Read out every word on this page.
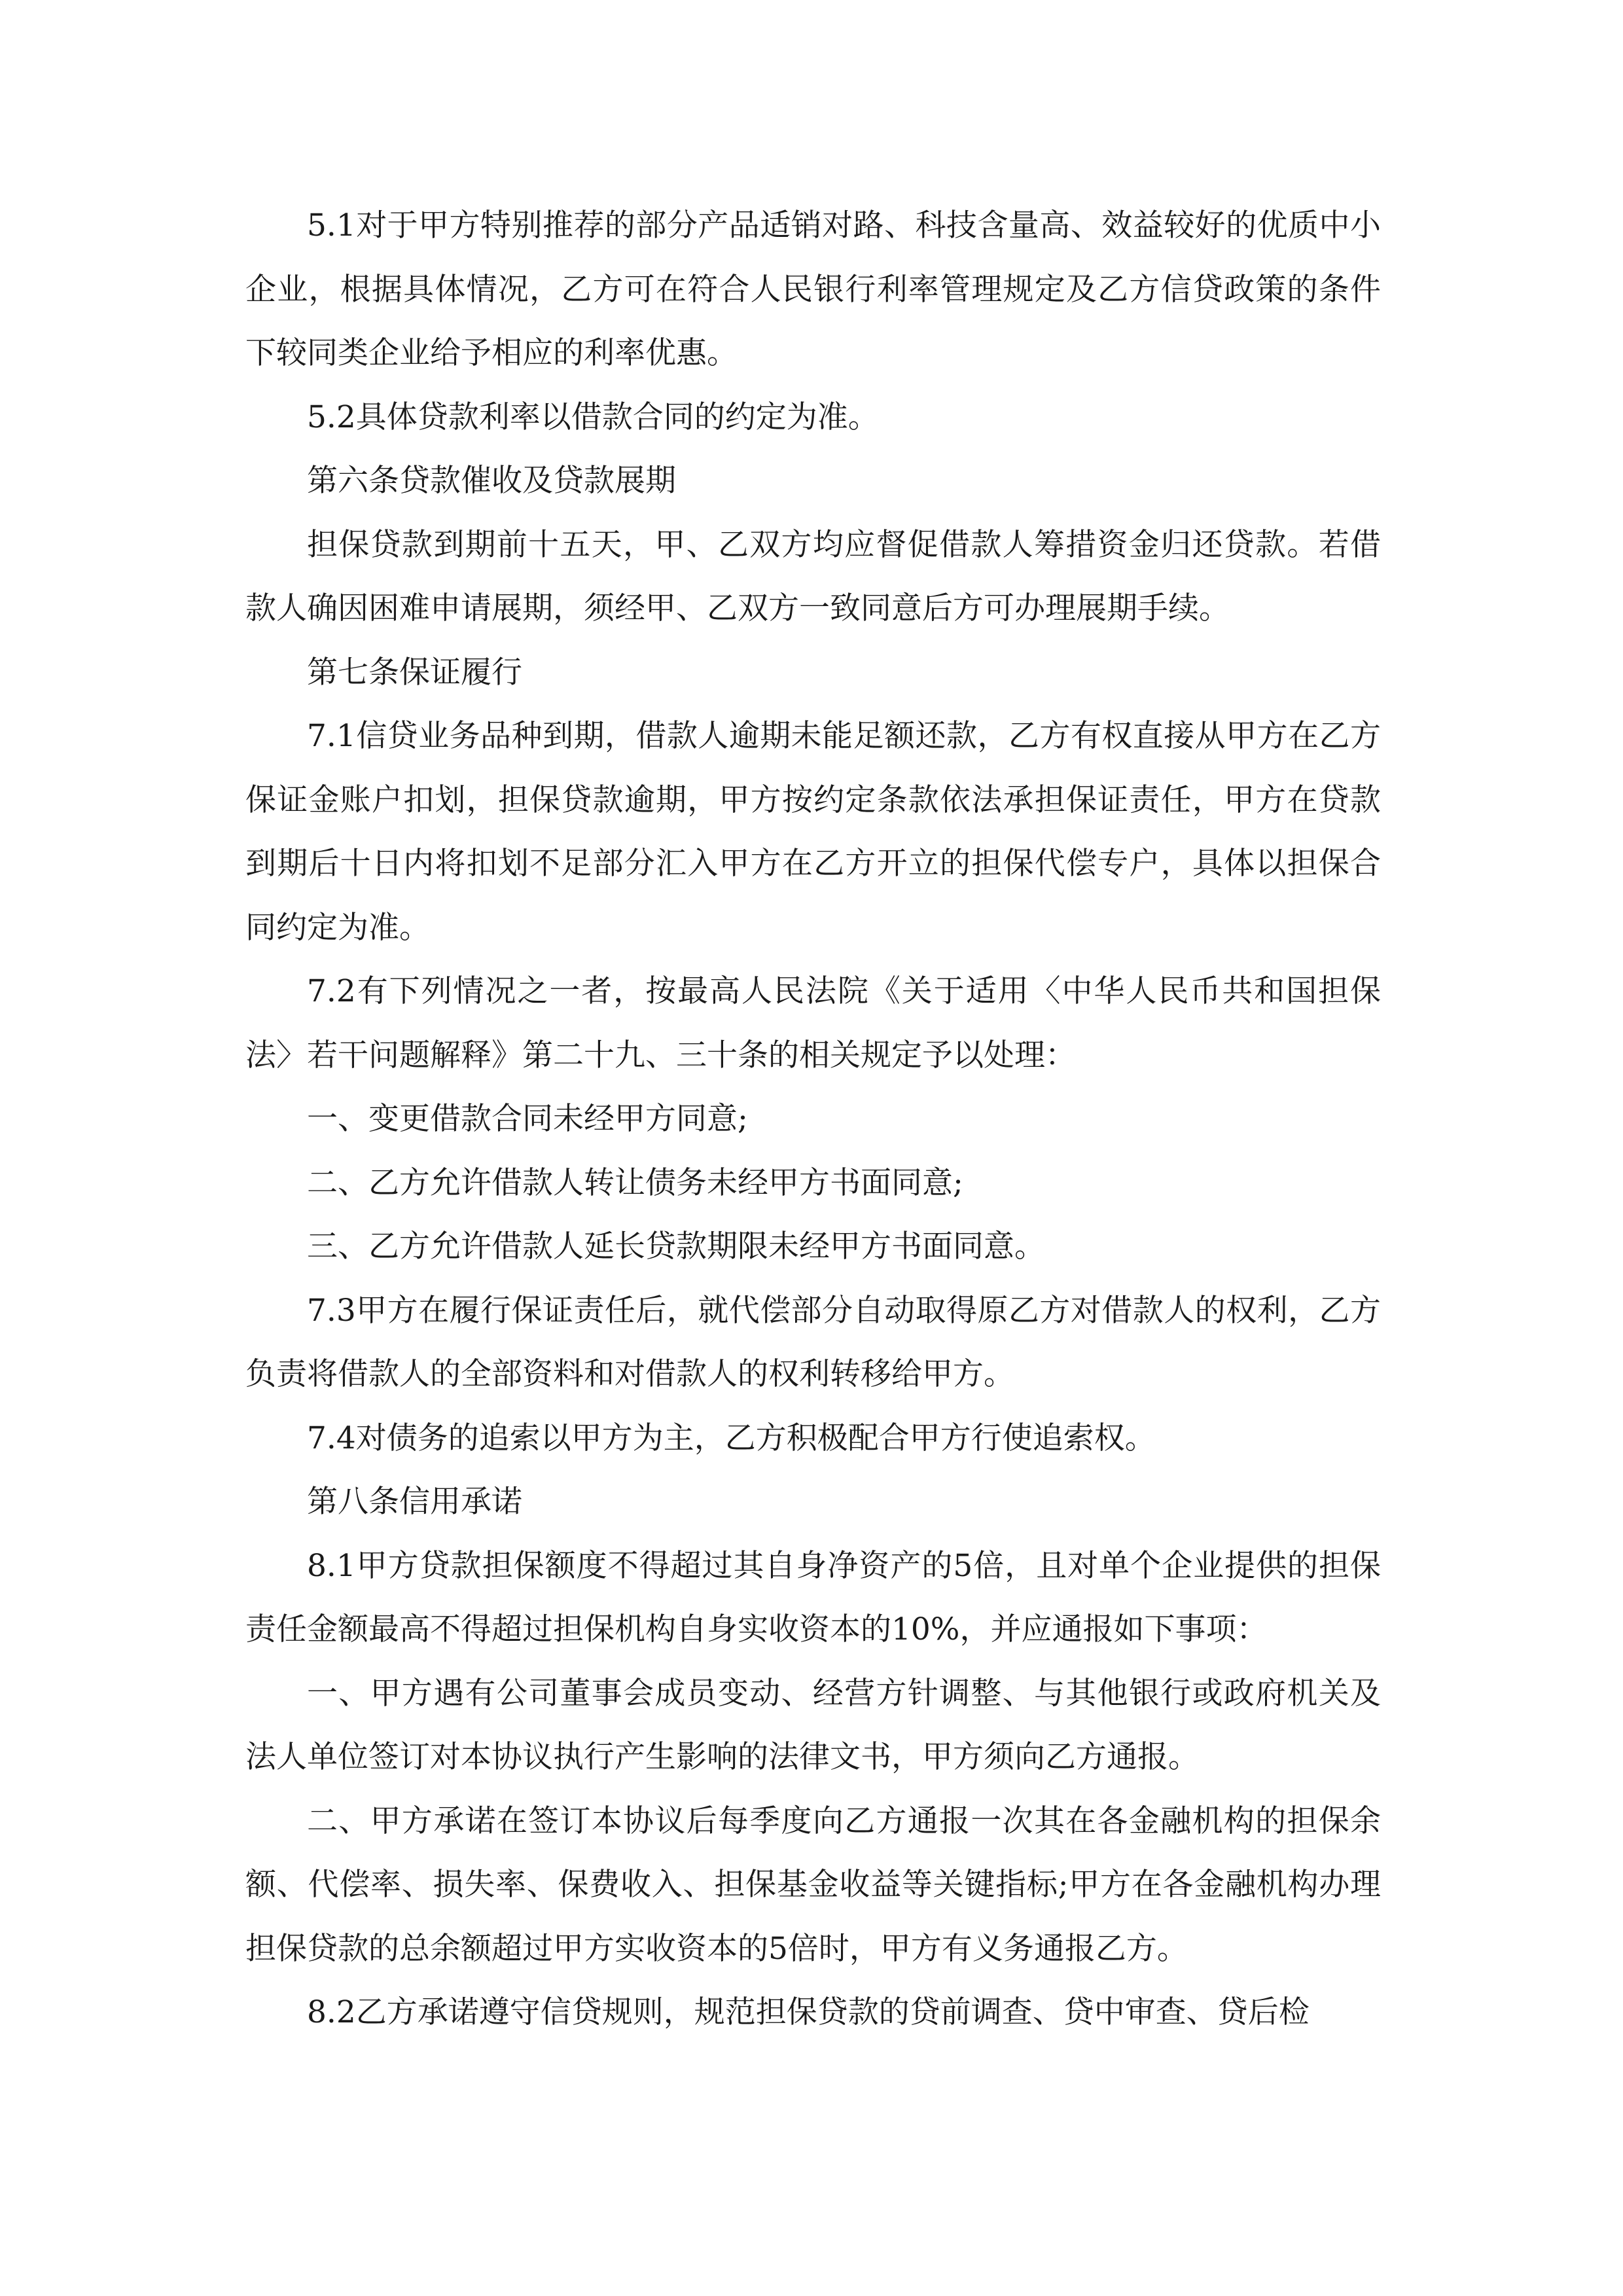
5.1对于甲方特别推荐的部分产品适销对路、科技含量高、效益较好的优质中小企业，根据具体情况，乙方可在符合人民银行利率管理规定及乙方信贷政策的条件下较同类企业给予相应的利率优惠。

5.2具体贷款利率以借款合同的约定为准。

第六条贷款催收及贷款展期

担保贷款到期前十五天，甲、乙双方均应督促借款人筹措资金归还贷款。若借款人确因困难申请展期，须经甲、乙双方一致同意后方可办理展期手续。

第七条保证履行

7.1信贷业务品种到期，借款人逾期未能足额还款，乙方有权直接从甲方在乙方保证金账户扣划，担保贷款逾期，甲方按约定条款依法承担保证责任，甲方在贷款到期后十日内将扣划不足部分汇入甲方在乙方开立的担保代偿专户，具体以担保合同约定为准。

7.2有下列情况之一者，按最高人民法院《关于适用〈中华人民币共和国担保法〉若干问题解释》第二十九、三十条的相关规定予以处理：

一、变更借款合同未经甲方同意;

二、乙方允许借款人转让债务未经甲方书面同意;

三、乙方允许借款人延长贷款期限未经甲方书面同意。

7.3甲方在履行保证责任后，就代偿部分自动取得原乙方对借款人的权利，乙方负责将借款人的全部资料和对借款人的权利转移给甲方。

7.4对债务的追索以甲方为主，乙方积极配合甲方行使追索权。

第八条信用承诺

8.1甲方贷款担保额度不得超过其自身净资产的5倍，且对单个企业提供的担保责任金额最高不得超过担保机构自身实收资本的10%，并应通报如下事项：

一、甲方遇有公司董事会成员变动、经营方针调整、与其他银行或政府机关及法人单位签订对本协议执行产生影响的法律文书，甲方须向乙方通报。

二、甲方承诺在签订本协议后每季度向乙方通报一次其在各金融机构的担保余额、代偿率、损失率、保费收入、担保基金收益等关键指标;甲方在各金融机构办理担保贷款的总余额超过甲方实收资本的5倍时，甲方有义务通报乙方。

8.2乙方承诺遵守信贷规则，规范担保贷款的贷前调查、贷中审查、贷后检
